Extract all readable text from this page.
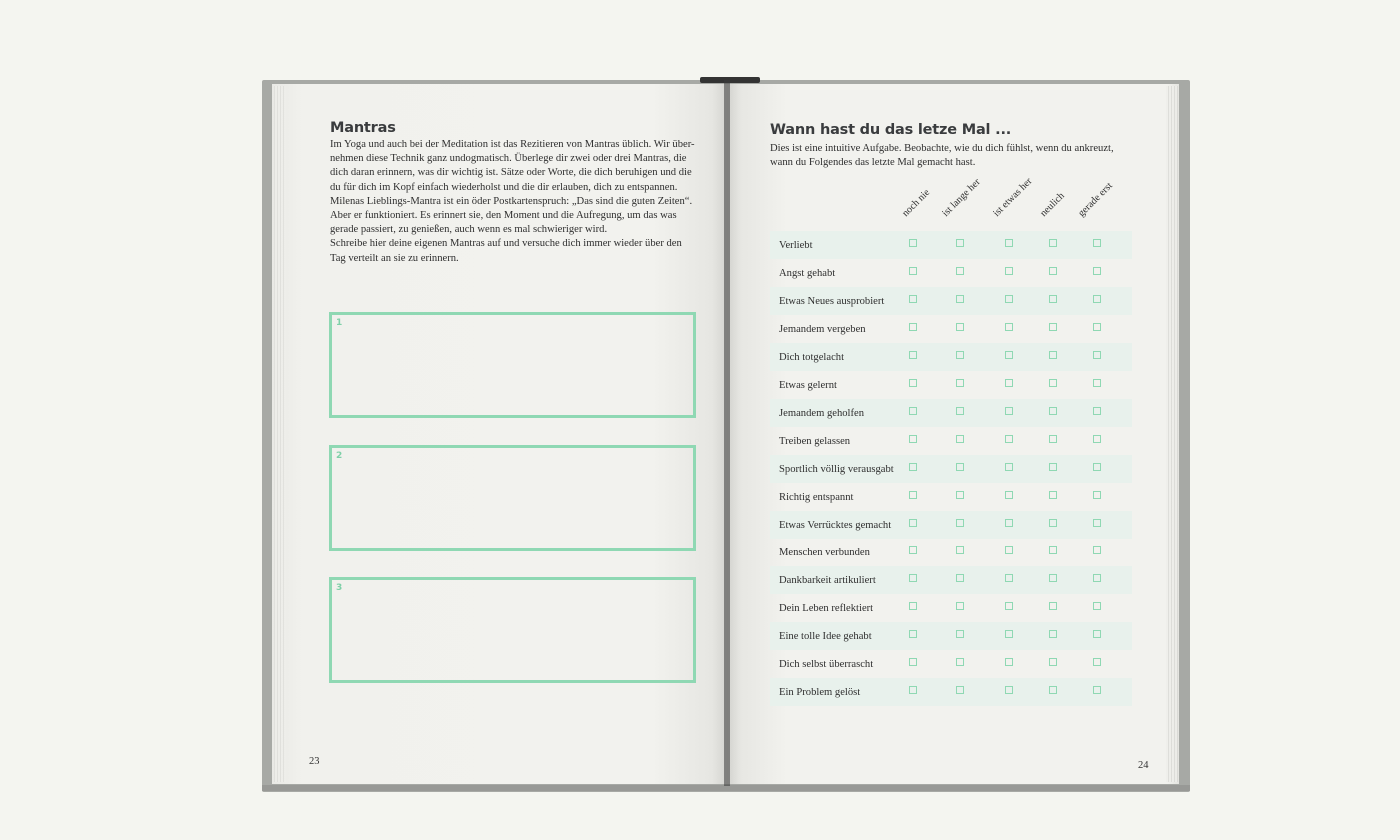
Mantras

Im Yoga und auch bei der Meditation ist das Rezitieren von Mantras üblich. Wir über-

nehmen diese Technik ganz undogmatisch. Überlege dir zwei oder drei Mantras, die

dich daran erinnern, was dir wichtig ist. Sätze oder Worte, die dich beruhigen und die

du für dich im Kopf einfach wiederholst und die dir erlauben, dich zu entspannen.

Milenas Lieblings-Mantra ist ein öder Postkartenspruch: „Das sind die guten Zeiten“.

Aber er funktioniert. Es erinnert sie, den Moment und die Aufregung, um das was

gerade passiert, zu genießen, auch wenn es mal schwieriger wird.

Schreibe hier deine eigenen Mantras auf und versuche dich immer wieder über den

Tag verteilt an sie zu erinnern.

1
2
3
23
Wann hast du das letze Mal ...

Dies ist eine intuitive Aufgabe. Beobachte, wie du dich fühlst, wenn du ankreuzt,

wann du Folgendes das letzte Mal gemacht hast.

noch nie ist lange her ist etwas her neulich gerade erst
Verliebt
Angst gehabt
Etwas Neues ausprobiert
Jemandem vergeben
Dich totgelacht
Etwas gelernt
Jemandem geholfen
Treiben gelassen
Sportlich völlig verausgabt
Richtig entspannt
Etwas Verrücktes gemacht
Menschen verbunden
Dankbarkeit artikuliert
Dein Leben reflektiert
Eine tolle Idee gehabt
Dich selbst überrascht
Ein Problem gelöst
24
